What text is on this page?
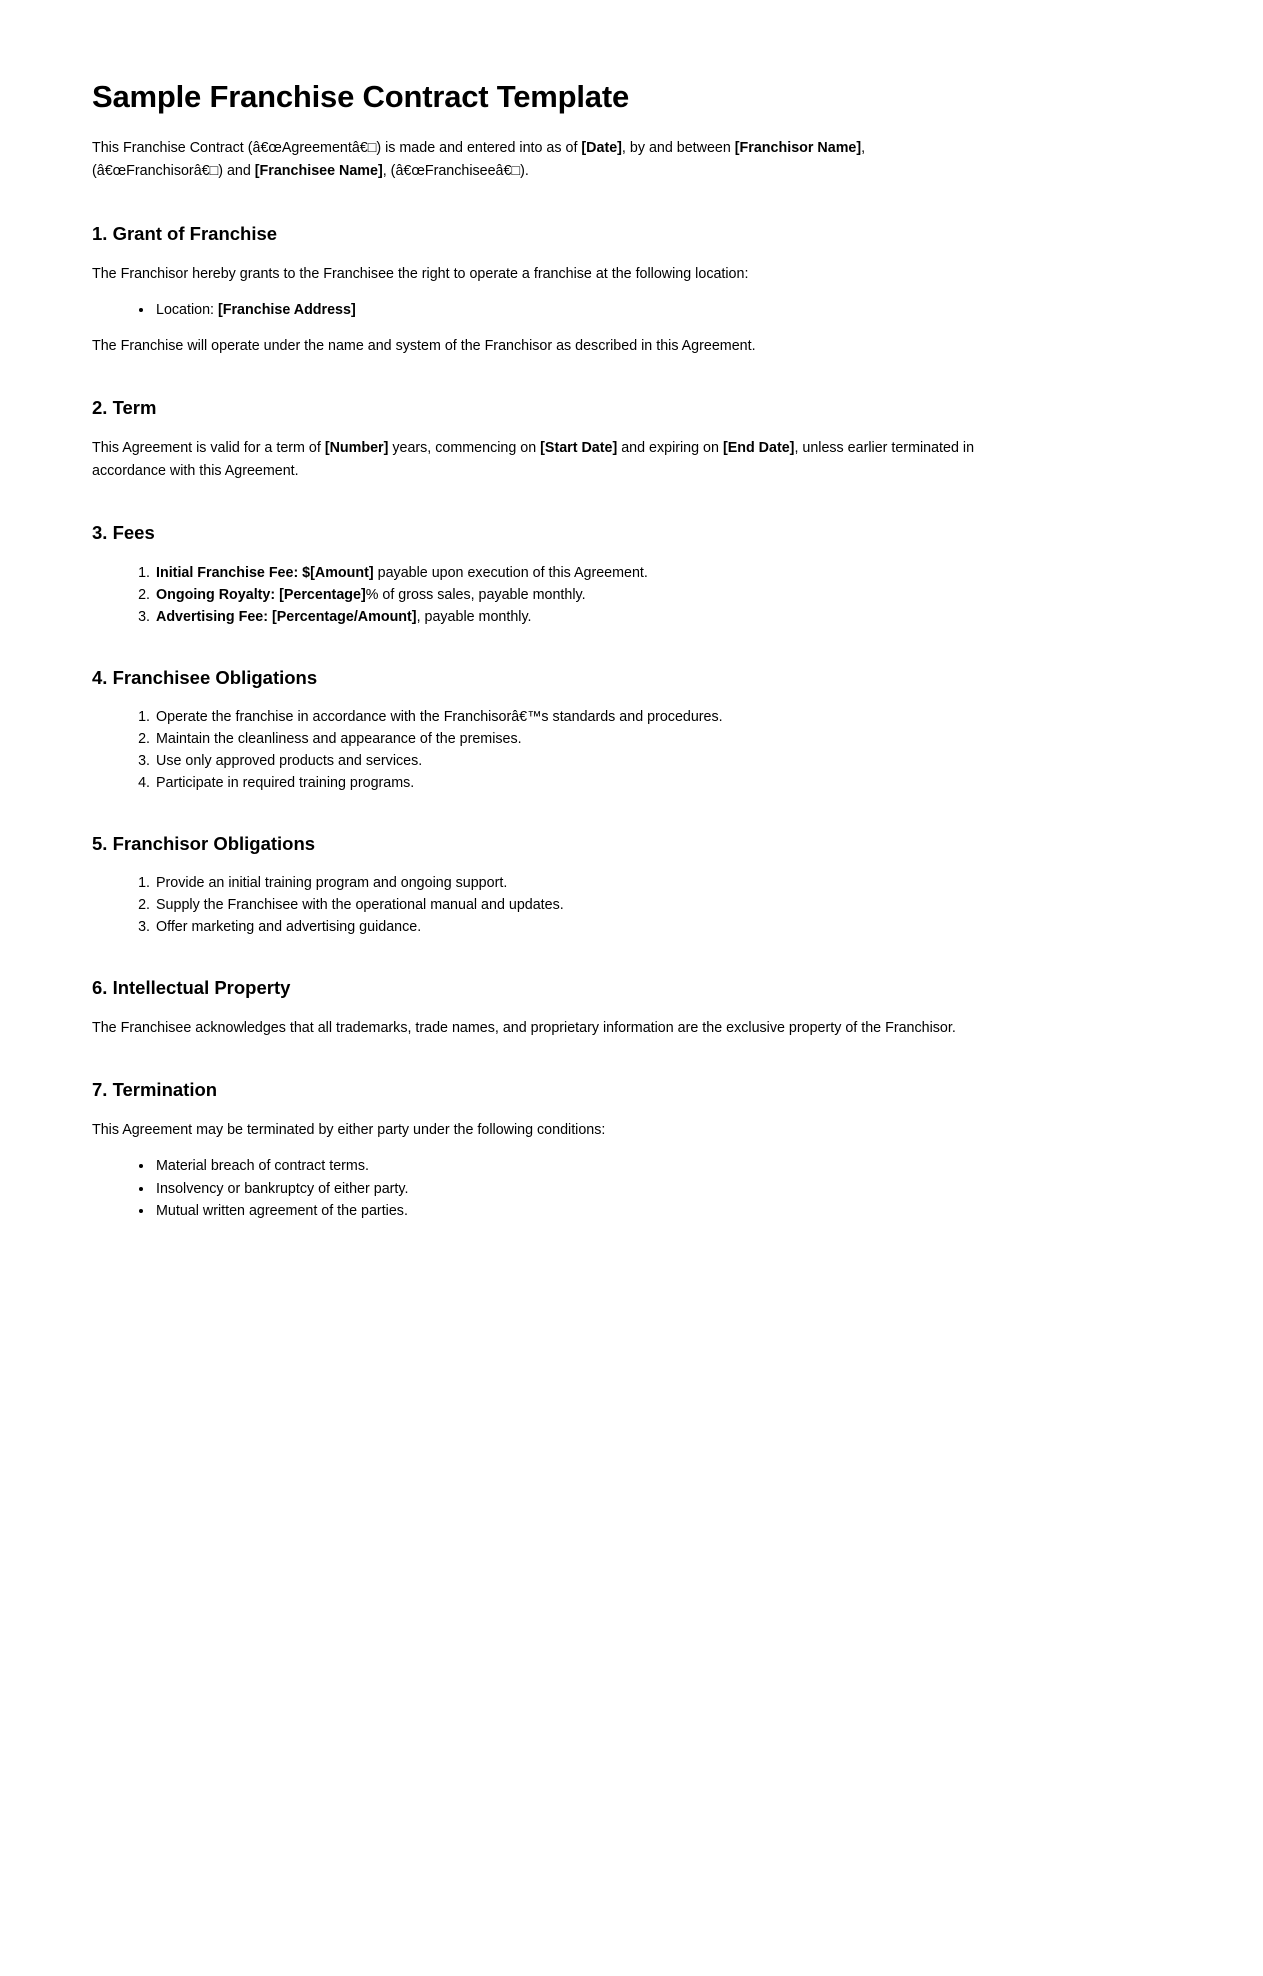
Sample Franchise Contract Template

This Franchise Contract (â€œAgreementâ€□) is made and entered into as of [Date], by and between [Franchisor Name], (â€œFranchisorâ€□) and [Franchisee Name], (â€œFranchiseeâ€□).

1. Grant of Franchise

The Franchisor hereby grants to the Franchisee the right to operate a franchise at the following location:

• Location: [Franchise Address]

The Franchise will operate under the name and system of the Franchisor as described in this Agreement.

2. Term

This Agreement is valid for a term of [Number] years, commencing on [Start Date] and expiring on [End Date], unless earlier terminated in accordance with this Agreement.

3. Fees
1. Initial Franchise Fee: $[Amount] payable upon execution of this Agreement.
2. Ongoing Royalty: [Percentage]% of gross sales, payable monthly.
3. Advertising Fee: [Percentage/Amount], payable monthly.
4. Franchisee Obligations
1. Operate the franchise in accordance with the Franchisorâ€™s standards and procedures.
2. Maintain the cleanliness and appearance of the premises.
3. Use only approved products and services.
4. Participate in required training programs.
5. Franchisor Obligations
1. Provide an initial training program and ongoing support.
2. Supply the Franchisee with the operational manual and updates.
3. Offer marketing and advertising guidance.
6. Intellectual Property

The Franchisee acknowledges that all trademarks, trade names, and proprietary information are the exclusive property of the Franchisor.

7. Termination

This Agreement may be terminated by either party under the following conditions:

• Material breach of contract terms.
• Insolvency or bankruptcy of either party.
• Mutual written agreement of the parties.
